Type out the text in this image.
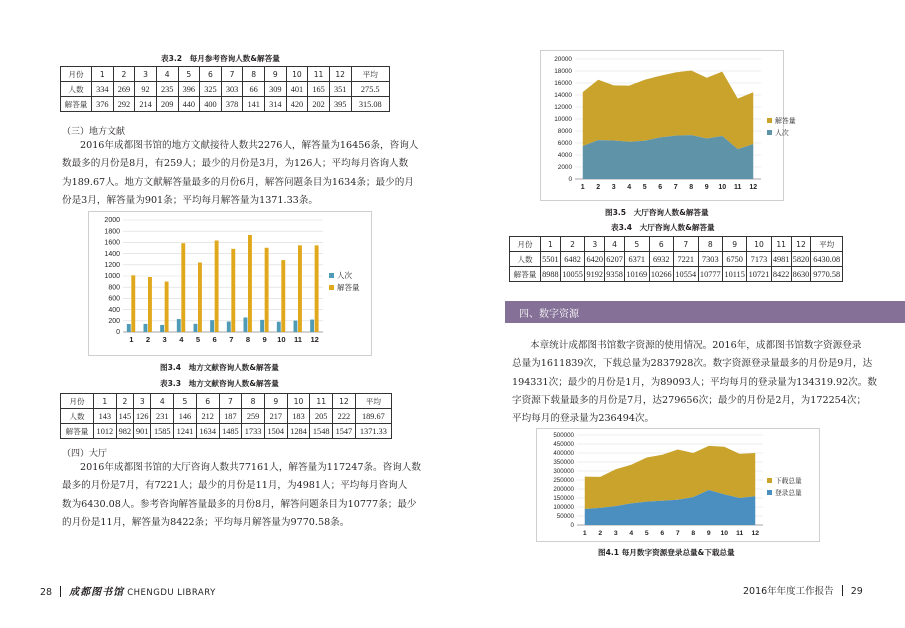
表3.2　每月参考咨询人数&解答量
月份	1	2	3	4	5	6	7	8	9	10	11	12	平均
人数	334	269	92	235	396	325	303	66	309	401	165	351	275.5
解答量	376	292	214	209	440	400	378	141	314	420	202	395	315.08
（三）地方文献
2016年成都图书馆的地方文献接待人数共2276人，解答量为16456条，咨询人
数最多的月份是8月，有259人；最少的月份是3月，为126人；平均每月咨询人数
为189.67人。地方文献解答量最多的月份6月，解答问题条目为1634条；最少的月
份是3月，解答量为901条；平均每月解答量为1371.33条。
0
200
400
600
800
1000
1200
1400
1600
1800
2000
1 2 3 4 5 6 7 8 9 10 11 12
人次
解答量
图3.4　地方文献咨询人数&解答量
表3.3　地方文献咨询人数&解答量
月份	1	2	3	4	5	6	7	8	9	10	11	12	平均
人数	143	145	126	231	146	212	187	259	217	183	205	222	189.67
解答量	1012	982	901	1585	1241	1634	1485	1733	1504	1284	1548	1547	1371.33
（四）大厅
2016年成都图书馆的大厅咨询人数共77161人，解答量为117247条。咨询人数
最多的月份是7月，有7221人；最少的月份是11月，为4981人；平均每月咨询人
数为6430.08人。参考咨询解答量最多的月份8月，解答问题条目为10777条；最少
的月份是11月，解答量为8422条；平均每月解答量为9770.58条。
28 成都图书馆 CHENGDU LIBRARY
0
2000
4000
6000
8000
10000
12000
14000
16000
18000
20000
1 2 3 4 5 6 7 8 9 10 11 12
解答量
人次
图3.5　大厅咨询人数&解答量
表3.4　大厅咨询人数&解答量
月份	1	2	3	4	5	6	7	8	9	10	11	12	平均
人数	5501	6482	6420	6207	6371	6932	7221	7303	6750	7173	4981	5820	6430.08
解答量	8988	10055	9192	9358	10169	10266	10554	10777	10115	10721	8422	8630	9770.58
四、数字资源
本章统计成都图书馆数字资源的使用情况。2016年，成都图书馆数字资源登录
总量为1611839次，下载总量为2837928次。数字资源登录量最多的月份是9月，达
194331次；最少的月份是1月，为89093人；平均每月的登录量为134319.92次。数
字资源下载量最多的月份是7月，达279656次；最少的月份是2月，为172254次；
平均每月的登录量为236494次。
0
50000
100000
150000
200000
250000
300000
350000
400000
450000
500000
1 2 3 4 5 6 7 8 9 10 11 12
下载总量
登录总量
图4.1 每月数字资源登录总量&下载总量
2016年年度工作报告 29
